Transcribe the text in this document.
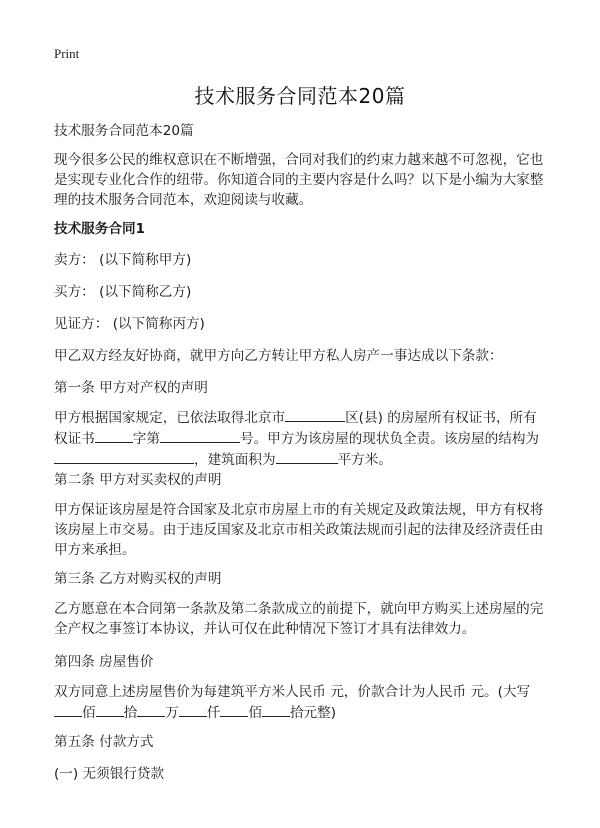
Print
技术服务合同范本20篇

技术服务合同范本20篇

现今很多公民的维权意识在不断增强，合同对我们的约束力越来越不可忽视，它也是实现专业化合作的纽带。你知道合同的主要内容是什么吗？以下是小编为大家整理的技术服务合同范本，欢迎阅读与收藏。

技术服务合同1

卖方： (以下简称甲方)

买方： (以下简称乙方)

见证方： (以下简称丙方)

甲乙双方经友好协商，就甲方向乙方转让甲方私人房产一事达成以下条款：

第一条 甲方对产权的声明

甲方根据国家规定，已依法取得北京市	区(县) 的房屋所有权证书，所有权证书	字第	号。甲方为该房屋的现状负全责。该房屋的结构为
，建筑面积为	平方米。

第二条 甲方对买卖权的声明

甲方保证该房屋是符合国家及北京市房屋上市的有关规定及政策法规，甲方有权将该房屋上市交易。由于违反国家及北京市相关政策法规而引起的法律及经济责任由甲方来承担。

第三条 乙方对购买权的声明

乙方愿意在本合同第一条款及第二条款成立的前提下，就向甲方购买上述房屋的完全产权之事签订本协议，并认可仅在此种情况下签订才具有法律效力。

第四条 房屋售价

双方同意上述房屋售价为每建筑平方米人民币 元，价款合计为人民币 元。(大写
佰 拾 万 仟 佰 拾元整)

第五条 付款方式

(一) 无须银行贷款
